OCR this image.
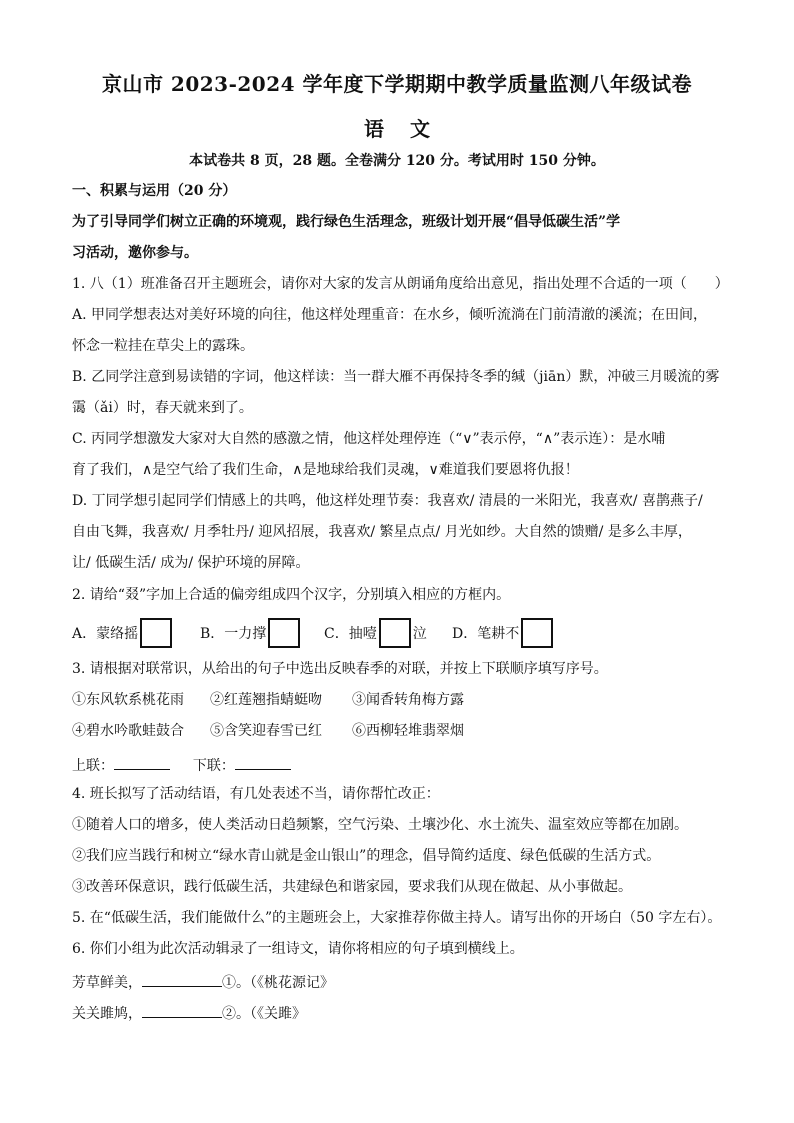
京山市 2023-2024 学年度下学期期中教学质量监测八年级试卷
语文
本试卷共 8 页，28 题。全卷满分 120 分。考试用时 150 分钟。
一、积累与运用（20 分）
为了引导同学们树立正确的环境观，践行绿色生活理念，班级计划开展“倡导低碳生活”学
习活动，邀你参与。
1. 八（1）班准备召开主题班会，请你对大家的发言从朗诵角度给出意见，指出处理不合适的一项（　　）
A. 甲同学想表达对美好环境的向往，他这样处理重音：在水乡，倾听流淌在门前清澈的溪流；在田间，
怀念一粒挂在草尖上的露珠。
B. 乙同学注意到易读错的字词，他这样读：当一群大雁不再保持冬季的缄（jiān）默，冲破三月暖流的雾
霭（ǎi）时，春天就来到了。
C. 丙同学想激发大家对大自然的感激之情，他这样处理停连（“∨”表示停，“∧”表示连）：是水哺
育了我们，∧是空气给了我们生命，∧是地球给我们灵魂，∨难道我们要恩将仇报！
D. 丁同学想引起同学们情感上的共鸣，他这样处理节奏：我喜欢/ 清晨的一米阳光，我喜欢/ 喜鹊燕子/
自由飞舞，我喜欢/ 月季牡丹/ 迎风招展，我喜欢/ 繁星点点/ 月光如纱。大自然的馈赠/ 是多么丰厚，
让/ 低碳生活/ 成为/ 保护环境的屏障。
2. 请给“叕”字加上合适的偏旁组成四个汉字，分别填入相应的方框内。
A．蒙络摇	B．一力撑	C．抽噎	泣 D．笔耕不
3. 请根据对联常识，从给出的句子中选出反映春季的对联，并按上下联顺序填写序号。
①东风软系桃花雨 ②红莲翘指蜻蜓吻 ③闻香转角梅方露
④碧水吟歌蛙鼓合 ⑤含笑迎春雪已红 ⑥西柳轻堆翡翠烟
上联：	下联：
4. 班长拟写了活动结语，有几处表述不当，请你帮忙改正：
①随着人口的增多，使人类活动日趋频繁，空气污染、土壤沙化、水土流失、温室效应等都在加剧。
②我们应当践行和树立“绿水青山就是金山银山”的理念，倡导简约适度、绿色低碳的生活方式。
③改善环保意识，践行低碳生活，共建绿色和谐家园，要求我们从现在做起、从小事做起。
5. 在“低碳生活，我们能做什么”的主题班会上，大家推荐你做主持人。请写出你的开场白（50 字左右）。
6. 你们小组为此次活动辑录了一组诗文，请你将相应的句子填到横线上。
芳草鲜美，	①。（《桃花源记》
关关雎鸠，	②。（《关雎》
